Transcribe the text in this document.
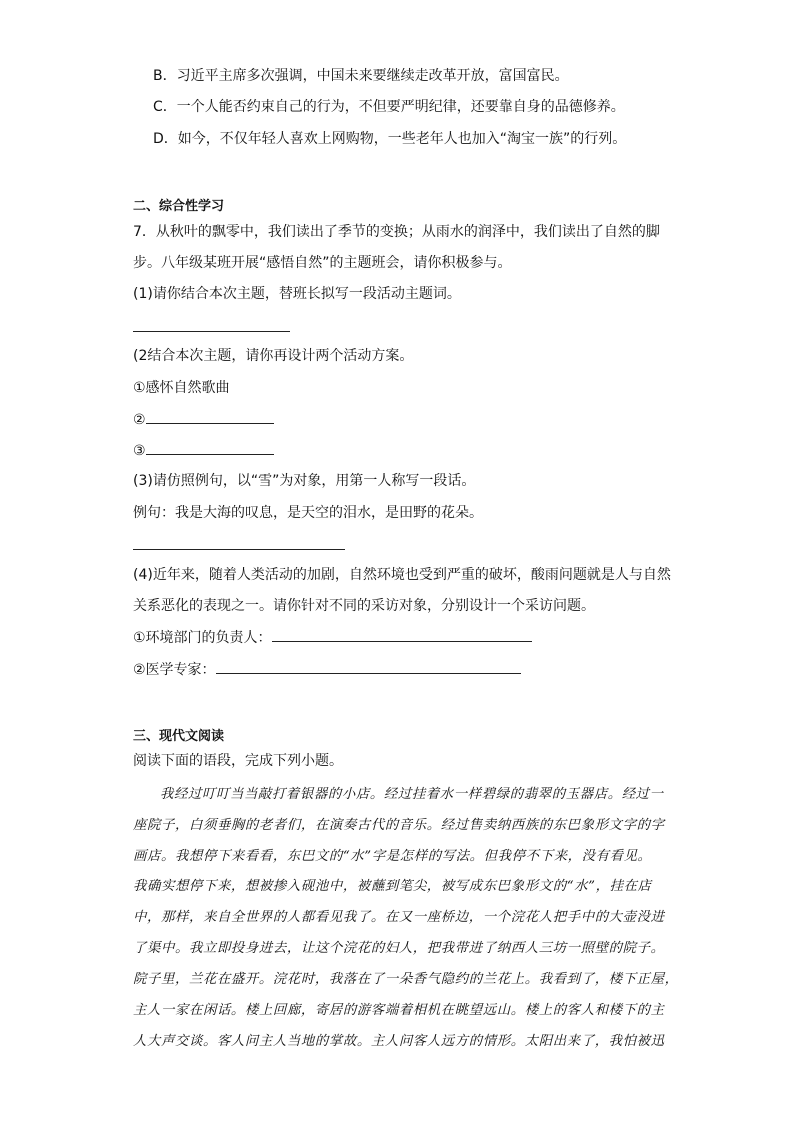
B．习近平主席多次强调，中国未来要继续走改革开放，富国富民。
C．一个人能否约束自己的行为，不但要严明纪律，还要靠自身的品德修养。
D．如今，不仅年轻人喜欢上网购物，一些老年人也加入“淘宝一族”的行列。
二、综合性学习
7．从秋叶的飘零中，我们读出了季节的变换；从雨水的润泽中，我们读出了自然的脚
步。八年级某班开展“感悟自然”的主题班会，请你积极参与。
(1)请你结合本次主题，替班长拟写一段活动主题词。
(2结合本次主题，请你再设计两个活动方案。
①感怀自然歌曲
②
③
(3)请仿照例句，以“雪”为对象，用第一人称写一段话。
例句：我是大海的叹息，是天空的泪水，是田野的花朵。
(4)近年来，随着人类活动的加剧，自然环境也受到严重的破坏，酸雨问题就是人与自然
关系恶化的表现之一。请你针对不同的采访对象，分别设计一个采访问题。
①环境部门的负责人：
②医学专家：
三、现代文阅读
阅读下面的语段，完成下列小题。
我经过叮叮当当敲打着银器的小店。经过挂着水一样碧绿的翡翠的玉器店。经过一
座院子，白须垂胸的老者们，在演奏古代的音乐。经过售卖纳西族的东巴象形文字的字
画店。我想停下来看看，东巴文的“水”字是怎样的写法。但我停不下来，没有看见。
我确实想停下来，想被掺入砚池中，被蘸到笔尖，被写成东巴象形文的“水”，挂在店
中，那样，来自全世界的人都看见我了。在又一座桥边，一个浣花人把手中的大壶没进
了渠中。我立即投身进去，让这个浣花的妇人，把我带进了纳西人三坊一照壁的院子。
院子里，兰花在盛开。浣花时，我落在了一朵香气隐约的兰花上。我看到了，楼下正屋，
主人一家在闲话。楼上回廊，寄居的游客端着相机在眺望远山。楼上的客人和楼下的主
人大声交谈。客人问主人当地的掌故。主人问客人远方的情形。太阳出来了，我怕被迅
